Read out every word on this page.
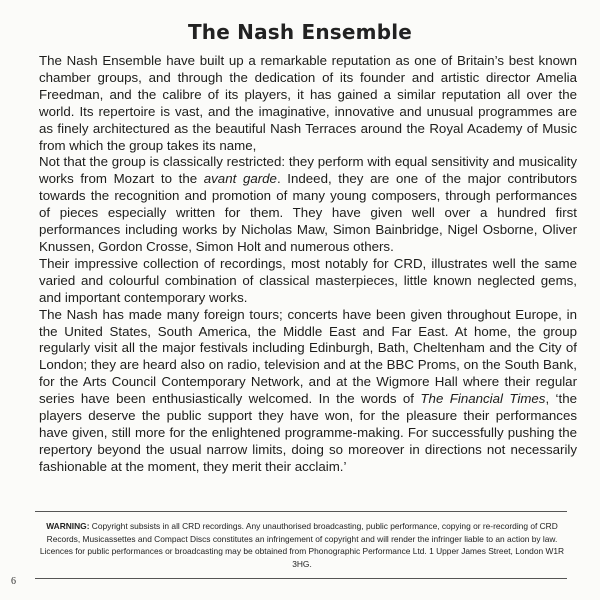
The Nash Ensemble

The Nash Ensemble have built up a remarkable reputation as one of Britain’s best known chamber groups, and through the dedication of its founder and artistic director Amelia Freedman, and the calibre of its players, it has gained a similar reputation all over the world. Its repertoire is vast, and the imaginative, innovative and unusual programmes are as finely architectured as the beautiful Nash Terraces around the Royal Academy of Music from which the group takes its name,

Not that the group is classically restricted: they perform with equal sensitivity and musicality works from Mozart to the avant garde. Indeed, they are one of the major contributors towards the recognition and promotion of many young composers, through performances of pieces especially written for them. They have given well over a hundred first performances including works by Nicholas Maw, Simon Bainbridge, Nigel Osborne, Oliver Knussen, Gordon Crosse, Simon Holt and numerous others.

Their impressive collection of recordings, most notably for CRD, illustrates well the same varied and colourful combination of classical masterpieces, little known neglected gems, and important contemporary works.

The Nash has made many foreign tours; concerts have been given throughout Europe, in the United States, South America, the Middle East and Far East. At home, the group regularly visit all the major festivals including Edinburgh, Bath, Cheltenham and the City of London; they are heard also on radio, television and at the BBC Proms, on the South Bank, for the Arts Council Contemporary Network, and at the Wigmore Hall where their regular series have been enthusiastically welcomed. In the words of The Financial Times, ‘the players deserve the public support they have won, for the pleasure their performances have given, still more for the enlightened programme-making. For successfully pushing the repertory beyond the usual narrow limits, doing so moreover in directions not necessarily fashionable at the moment, they merit their acclaim.’

WARNING: Copyright subsists in all CRD recordings. Any unauthorised broadcasting, public performance, copying or re-recording of CRD Records, Musicassettes and Compact Discs constitutes an infringement of copyright and will render the infringer liable to an action by law. Licences for public performances or broadcasting may be obtained from Phonographic Performance Ltd. 1 Upper James Street, London W1R 3HG.
6
